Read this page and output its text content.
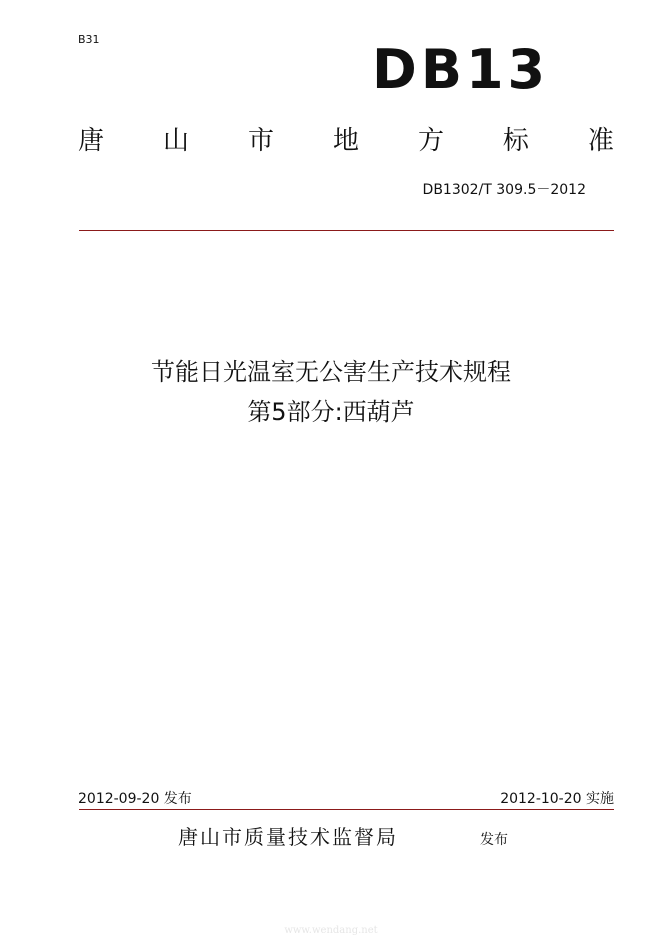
B31	DB13
唐 山 市 地 方 标 准
DB1302/T 309.5－2012
节能日光温室无公害生产技术规程
第5部分:西葫芦
2012-09-20 发布	2012-10-20 实施
唐山市质量技术监督局	发布
www.wendang.net
